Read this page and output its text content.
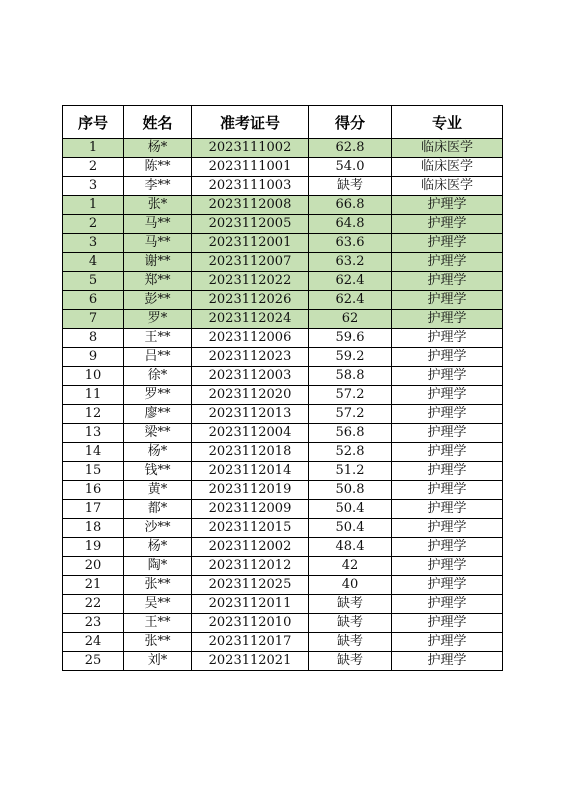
序号	姓名	准考证号	得分	专业
1	杨*	2023111002	62.8	临床医学
2	陈**	2023111001	54.0	临床医学
3	李**	2023111003	缺考	临床医学
1	张*	2023112008	66.8	护理学
2	马**	2023112005	64.8	护理学
3	马**	2023112001	63.6	护理学
4	谢**	2023112007	63.2	护理学
5	郑**	2023112022	62.4	护理学
6	彭**	2023112026	62.4	护理学
7	罗*	2023112024	62	护理学
8	王**	2023112006	59.6	护理学
9	吕**	2023112023	59.2	护理学
10	徐*	2023112003	58.8	护理学
11	罗**	2023112020	57.2	护理学
12	廖**	2023112013	57.2	护理学
13	梁**	2023112004	56.8	护理学
14	杨*	2023112018	52.8	护理学
15	钱**	2023112014	51.2	护理学
16	黄*	2023112019	50.8	护理学
17	都*	2023112009	50.4	护理学
18	沙**	2023112015	50.4	护理学
19	杨*	2023112002	48.4	护理学
20	陶*	2023112012	42	护理学
21	张**	2023112025	40	护理学
22	吴**	2023112011	缺考	护理学
23	王**	2023112010	缺考	护理学
24	张**	2023112017	缺考	护理学
25	刘*	2023112021	缺考	护理学
